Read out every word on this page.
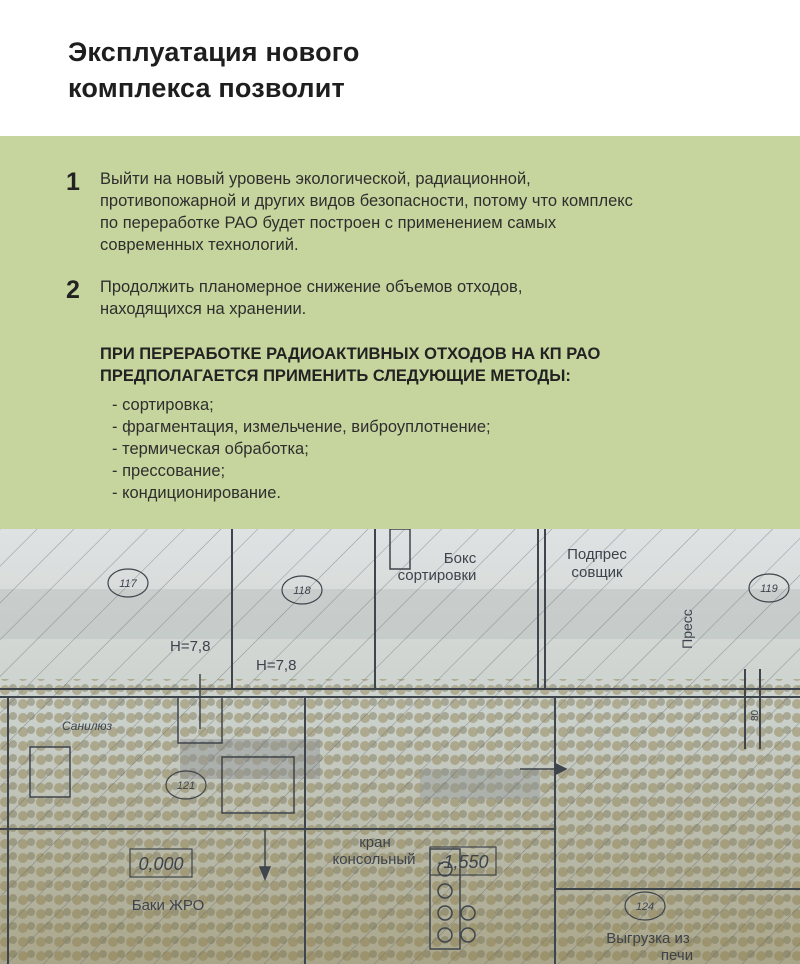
Эксплуатация нового
комплекса позволит
1 Выйти на новый уровень экологической, радиационной,
противопожарной и других видов безопасности, потому что комплекс
по переработке РАО будет построен с применением самых
современных технологий.
2 Продолжить планомерное снижение объемов отходов,
находящихся на хранении.
ПРИ ПЕРЕРАБОТКЕ РАДИОАКТИВНЫХ ОТХОДОВ НА КП РАО
ПРЕДПОЛАГАЕТСЯ ПРИМЕНИТЬ СЛЕДУЮЩИЕ МЕТОДЫ:
- сортировка;
- фрагментация, измельчение, виброуплотнение;
- термическая обработка;
- прессование;
- кондиционирование.
117
118	119
121
124
Бокс
сортировки
Подпрес
совщик
Пресс
Н=7,8
Н=7,8
Санилюз
80
0,000	-1,550
кран
консольный
Баки ЖРО
Выгрузка из
печи
